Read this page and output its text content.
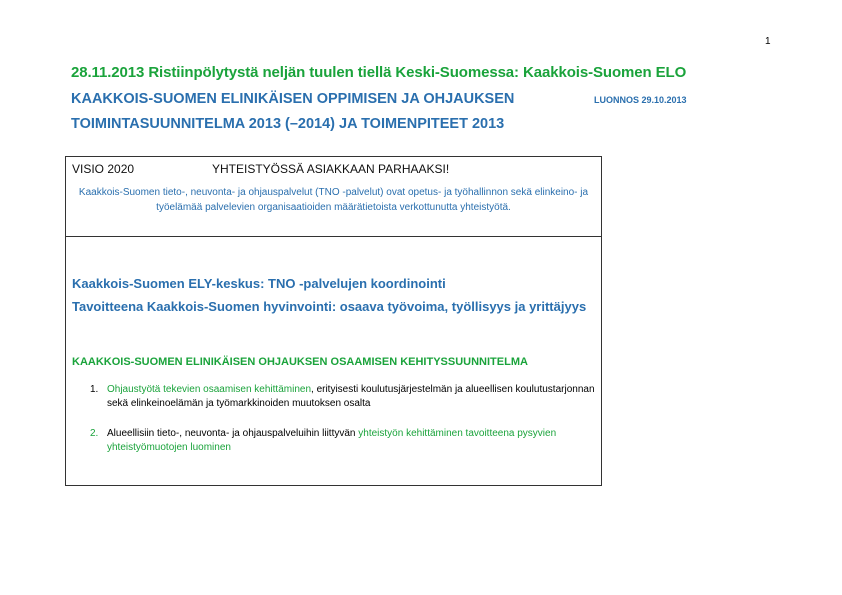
1
28.11.2013 Ristiinpölytystä neljän tuulen tiellä Keski-Suomessa: Kaakkois-Suomen ELO
KAAKKOIS-SUOMEN ELINIKÄISEN OPPIMISEN JA OHJAUKSEN	LUONNOS 29.10.2013
TOIMINTASUUNNITELMA 2013 (–2014) JA TOIMENPITEET 2013
VISIO 2020	YHTEISTYÖSSÄ ASIAKKAAN PARHAAKSI!
Kaakkois-Suomen tieto-, neuvonta- ja ohjauspalvelut (TNO -palvelut) ovat opetus- ja työhallinnon sekä elinkeino- ja työelämää palvelevien organisaatioiden määrätietoista verkottunutta yhteistyötä.
Kaakkois-Suomen ELY-keskus: TNO -palvelujen koordinointi
Tavoitteena Kaakkois-Suomen hyvinvointi: osaava työvoima, työllisyys ja yrittäjyys
KAAKKOIS-SUOMEN ELINIKÄISEN OHJAUKSEN OSAAMISEN KEHITYSSUUNNITELMA
1. Ohjaustyötä tekevien osaamisen kehittäminen, erityisesti koulutusjärjestelmän ja alueellisen koulutustarjonnan sekä elinkeinoelämän ja työmarkkinoiden muutoksen osalta
2. Alueellisiin tieto-, neuvonta- ja ohjauspalveluihin liittyvän yhteistyön kehittäminen tavoitteena pysyvien yhteistyömuotojen luominen
